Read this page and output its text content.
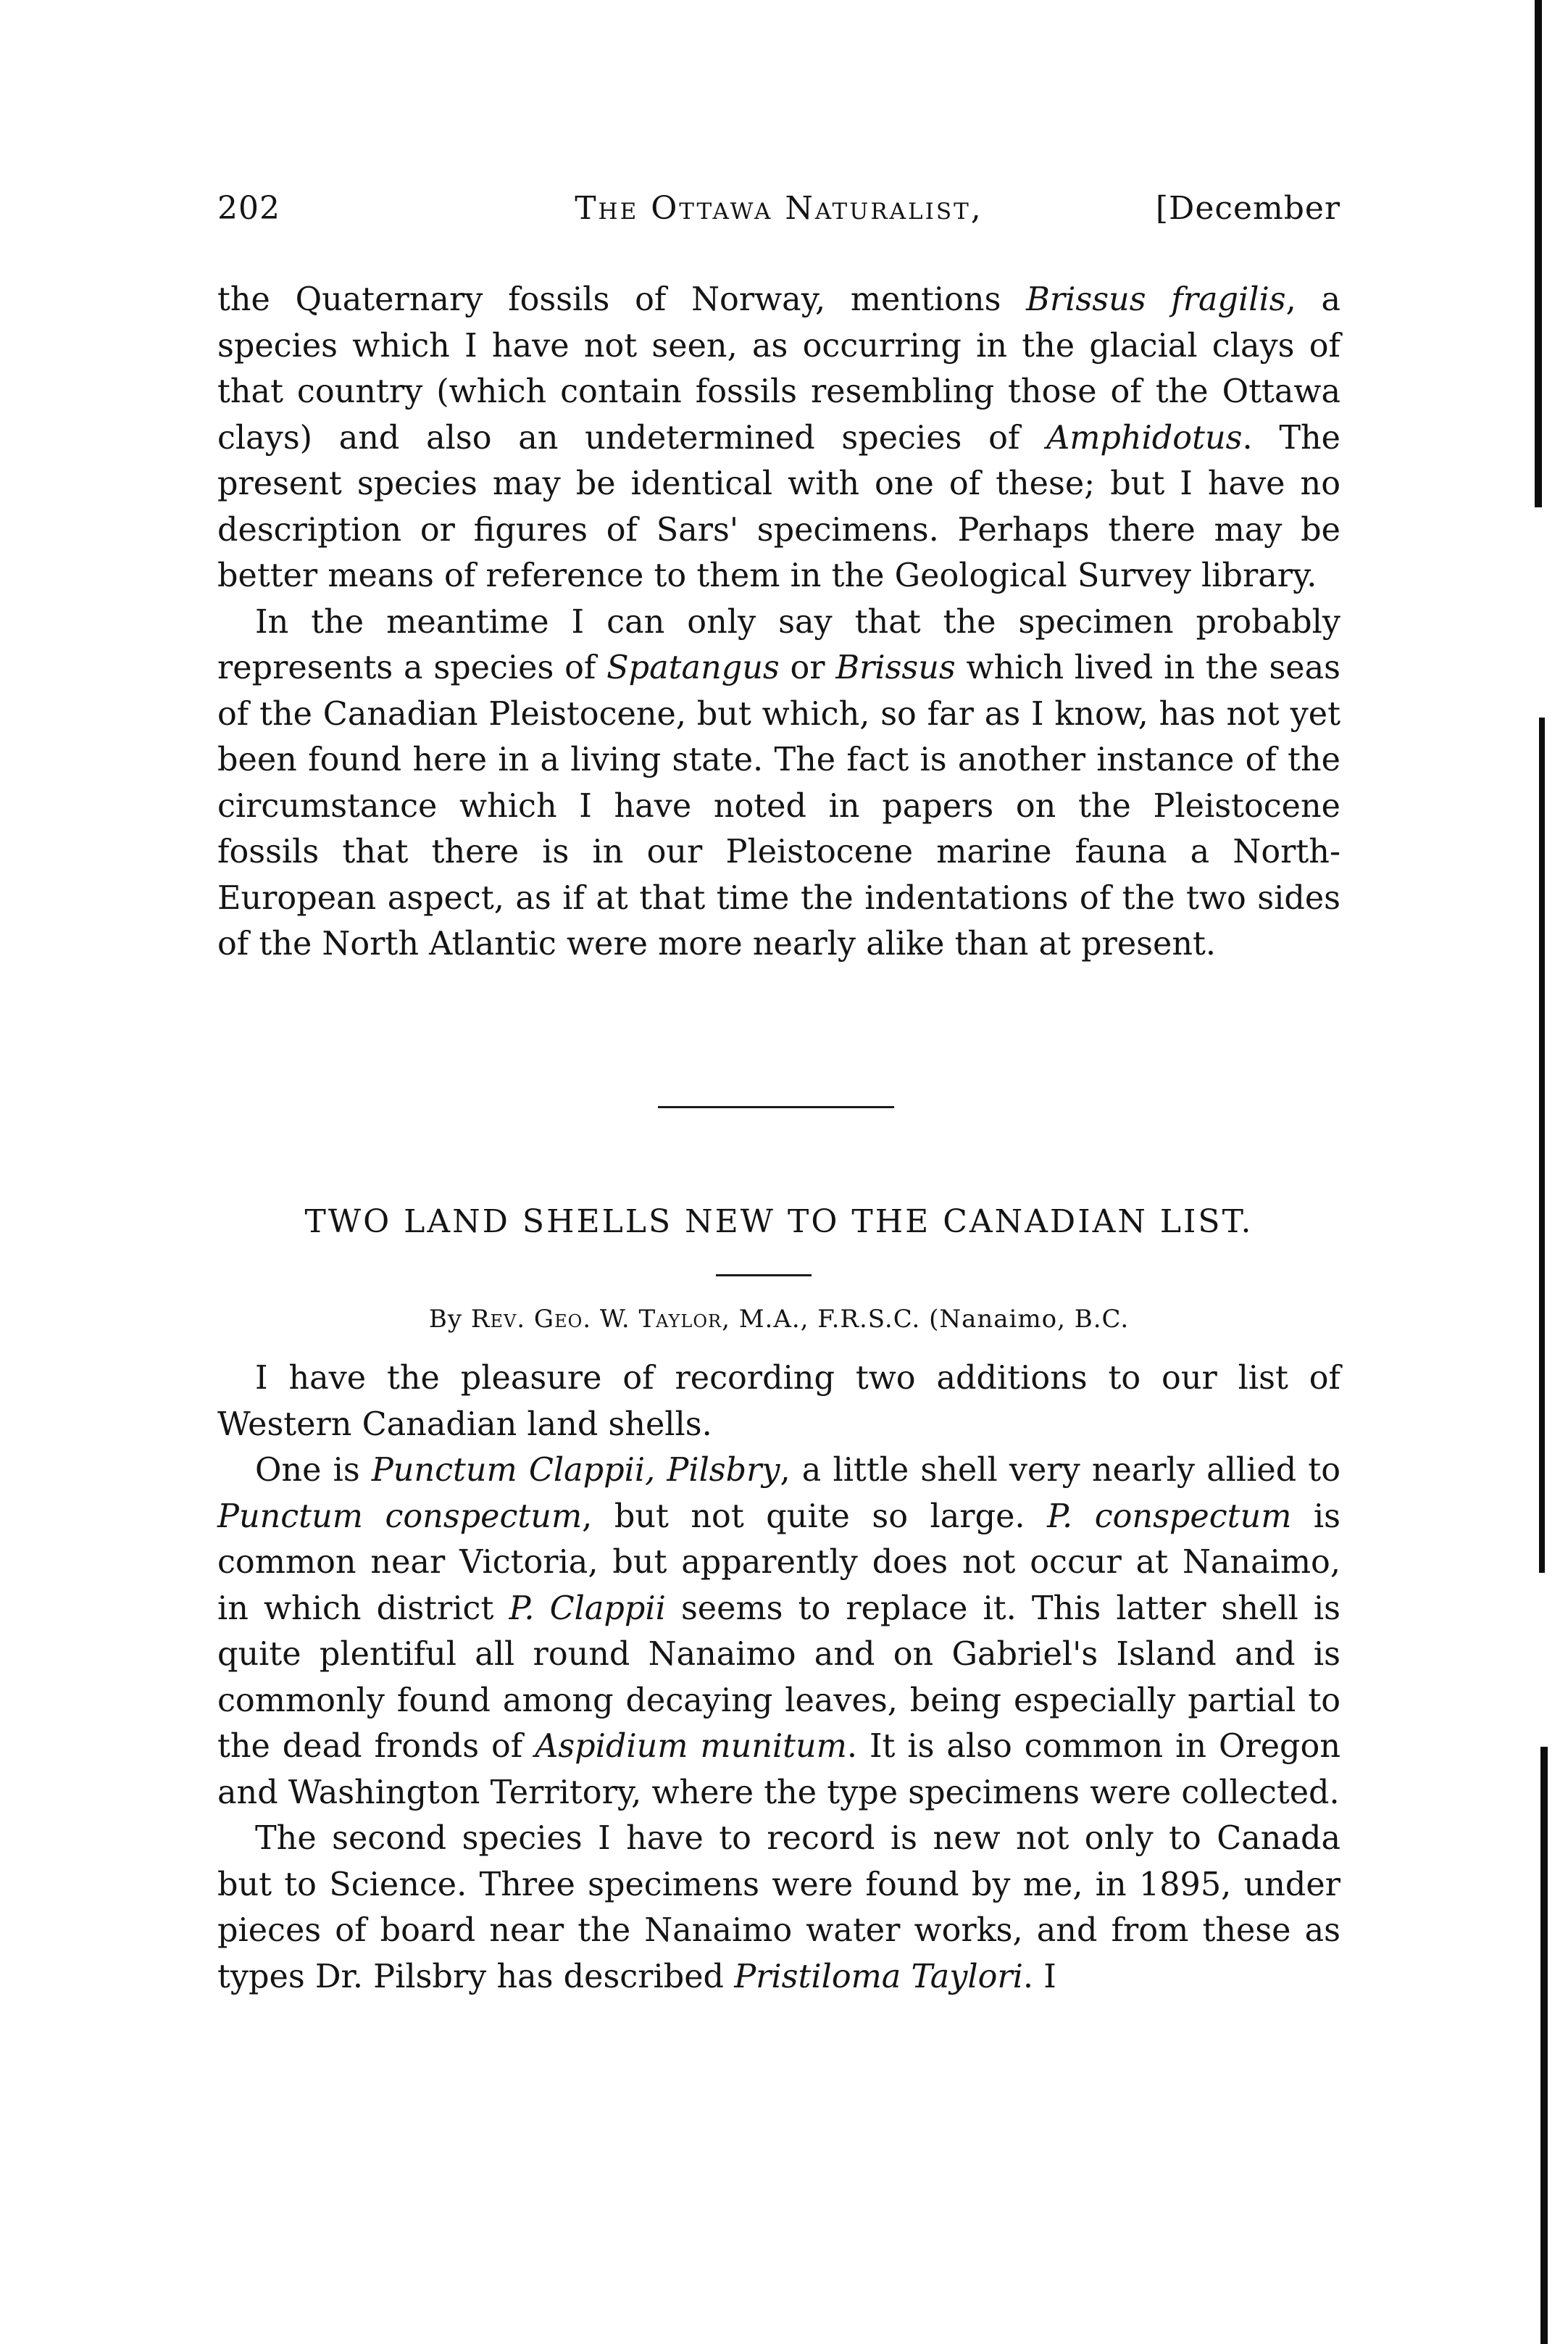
202	The Ottawa Naturalist,	[December

the Quaternary fossils of Norway, mentions Brissus fragilis, a species which I have not seen, as occurring in the glacial clays of that country (which contain fossils resembling those of the Ottawa clays) and also an undetermined species of Amphidotus. The present species may be identical with one of these; but I have no description or figures of Sars' specimens. Perhaps there may be better means of reference to them in the Geological Survey library.

In the meantime I can only say that the specimen probably represents a species of Spatangus or Brissus which lived in the seas of the Canadian Pleistocene, but which, so far as I know, has not yet been found here in a living state. The fact is another instance of the circumstance which I have noted in papers on the Pleistocene fossils that there is in our Pleistocene marine fauna a North-European aspect, as if at that time the indentations of the two sides of the North Atlantic were more nearly alike than at present.

TWO LAND SHELLS NEW TO THE CANADIAN LIST.
By Rev. Geo. W. Taylor, M.A., F.R.S.C. (Nanaimo, B.C.

I have the pleasure of recording two additions to our list of Western Canadian land shells.

One is Punctum Clappii, Pilsbry, a little shell very nearly allied to Punctum conspectum, but not quite so large. P. conspectum is common near Victoria, but apparently does not occur at Nanaimo, in which district P. Clappii seems to replace it. This latter shell is quite plentiful all round Nanaimo and on Gabriel's Island and is commonly found among decaying leaves, being especially partial to the dead fronds of Aspidium munitum. It is also common in Oregon and Washington Territory, where the type specimens were collected.

The second species I have to record is new not only to Canada but to Science. Three specimens were found by me, in 1895, under pieces of board near the Nanaimo water works, and from these as types Dr. Pilsbry has described Pristiloma Taylori. I
